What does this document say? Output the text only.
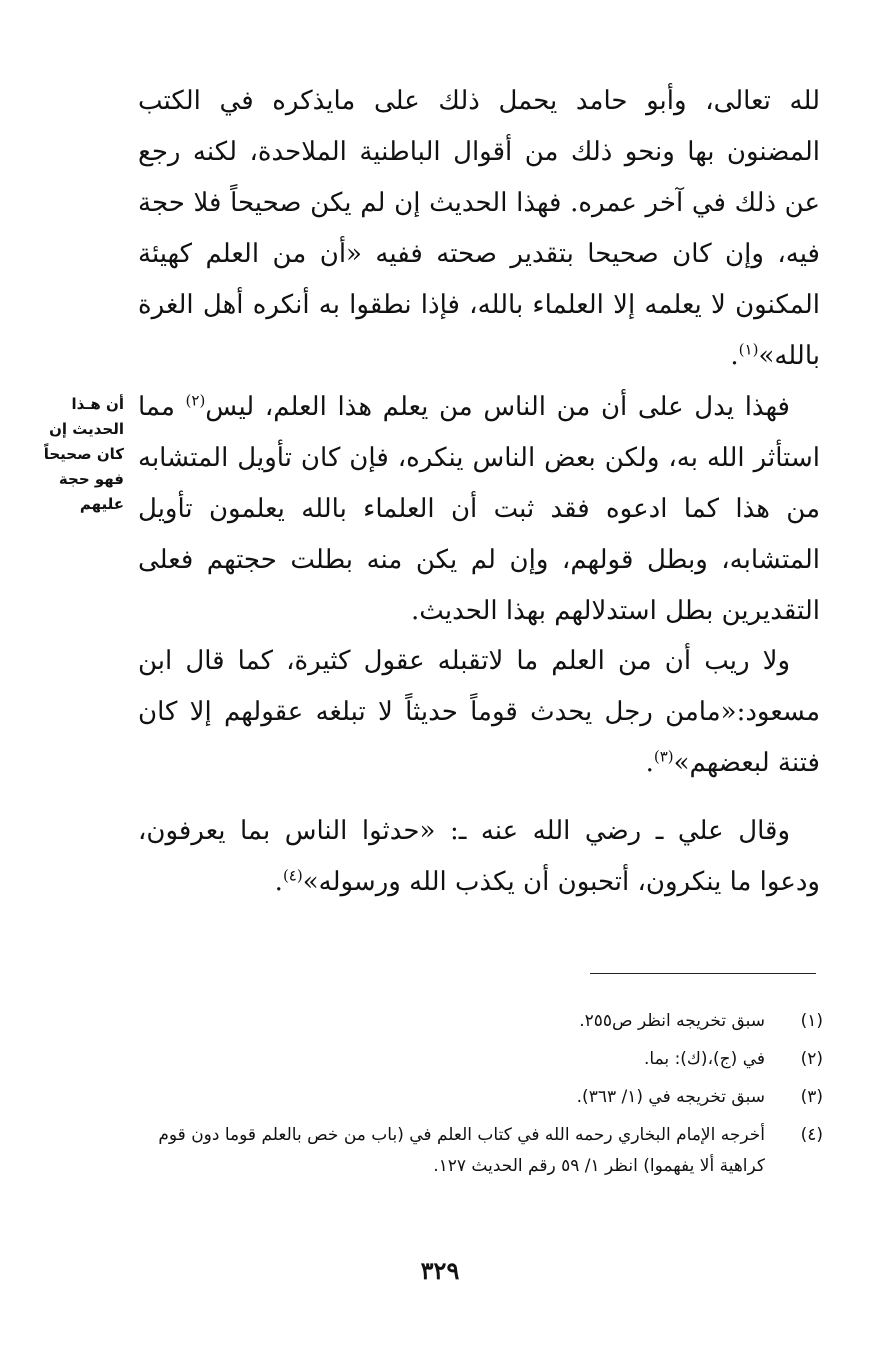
لله تعالى، وأبو حامد يحمل ذلك على مايذكره في الكتب المضنون بها ونحو ذلك من أقوال الباطنية الملاحدة، لكنه رجع عن ذلك في آخر عمره. فهذا الحديث إن لم يكن صحيحاً فلا حجة فيه، وإن كان صحيحا بتقدير صحته ففيه «أن من العلم كهيئة المكنون لا يعلمه إلا العلماء بالله، فإذا نطقوا به أنكره أهل الغرة بالله»$^{(١)}$.

أن هـذا الحديث إن كان صحيحاً فهو حجة عليهم

فهذا يدل على أن من الناس من يعلم هذا العلم، ليس$^{(٢)}$ مما استأثر الله به، ولكن بعض الناس ينكره، فإن كان تأويل المتشابه من هذا كما ادعوه فقد ثبت أن العلماء بالله يعلمون تأويل المتشابه، وبطل قولهم، وإن لم يكن منه بطلت حجتهم فعلى التقديرين بطل استدلالهم بهذا الحديث.

ولا ريب أن من العلم ما لاتقبله عقول كثيرة، كما قال ابن مسعود:«مامن رجل يحدث قوماً حديثاً لا تبلغه عقولهم إلا كان فتنة لبعضهم»$^{(٣)}$.

وقال علي ـ رضي الله عنه ـ: «حدثوا الناس بما يعرفون، ودعوا ما ينكرون، أتحبون أن يكذب الله ورسوله»$^{(٤)}$.

(١)
سبق تخريجه انظر ص٢٥٥.
(٢)
في (ج)،(ك): بما.
(٣)
سبق تخريجه في (١/ ٣٦٣).
(٤)
أخرجه الإمام البخاري رحمه الله في كتاب العلم في (باب من خص بالعلم قوما دون قوم كراهية ألا يفهموا) انظر ١/ ٥٩ رقم الحديث ١٢٧.
٣٢٩
